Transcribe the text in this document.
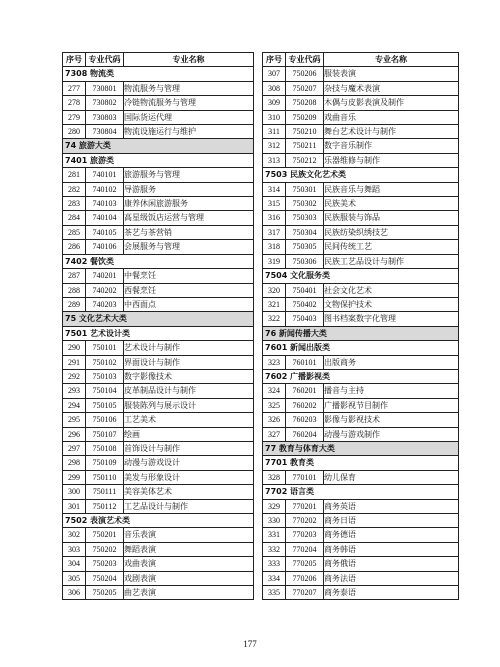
序号	专业代码	专业名称
7308 物流类		
277	730801	物流服务与管理
278	730802	冷链物流服务与管理
279	730803	国际货运代理
280	730804	物流设施运行与维护
74 旅游大类		
7401 旅游类		
281	740101	旅游服务与管理
282	740102	导游服务
283	740103	康养休闲旅游服务
284	740104	高星级饭店运营与管理
285	740105	茶艺与茶营销
286	740106	会展服务与管理
7402 餐饮类		
287	740201	中餐烹饪
288	740202	西餐烹饪
289	740203	中西面点
75 文化艺术大类		
7501 艺术设计类		
290	750101	艺术设计与制作
291	750102	界面设计与制作
292	750103	数字影像技术
293	750104	皮革制品设计与制作
294	750105	服装陈列与展示设计
295	750106	工艺美术
296	750107	绘画
297	750108	首饰设计与制作
298	750109	动漫与游戏设计
299	750110	美发与形象设计
300	750111	美容美体艺术
301	750112	工艺品设计与制作
7502 表演艺术类		
302	750201	音乐表演
303	750202	舞蹈表演
304	750203	戏曲表演
305	750204	戏剧表演
306	750205	曲艺表演
序号	专业代码	专业名称
307	750206	服装表演
308	750207	杂技与魔术表演
309	750208	木偶与皮影表演及制作
310	750209	戏曲音乐
311	750210	舞台艺术设计与制作
312	750211	数字音乐制作
313	750212	乐器维修与制作
7503 民族文化艺术类		
314	750301	民族音乐与舞蹈
315	750302	民族美术
316	750303	民族服装与饰品
317	750304	民族纺染织绣技艺
318	750305	民间传统工艺
319	750306	民族工艺品设计与制作
7504 文化服务类		
320	750401	社会文化艺术
321	750402	文物保护技术
322	750403	图书档案数字化管理
76 新闻传播大类		
7601 新闻出版类		
323	760101	出版商务
7602 广播影视类		
324	760201	播音与主持
325	760202	广播影视节目制作
326	760203	影像与影视技术
327	760204	动漫与游戏制作
77 教育与体育大类		
7701 教育类		
328	770101	幼儿保育
7702 语言类		
329	770201	商务英语
330	770202	商务日语
331	770203	商务德语
332	770204	商务韩语
333	770205	商务俄语
334	770206	商务法语
335	770207	商务泰语
177
